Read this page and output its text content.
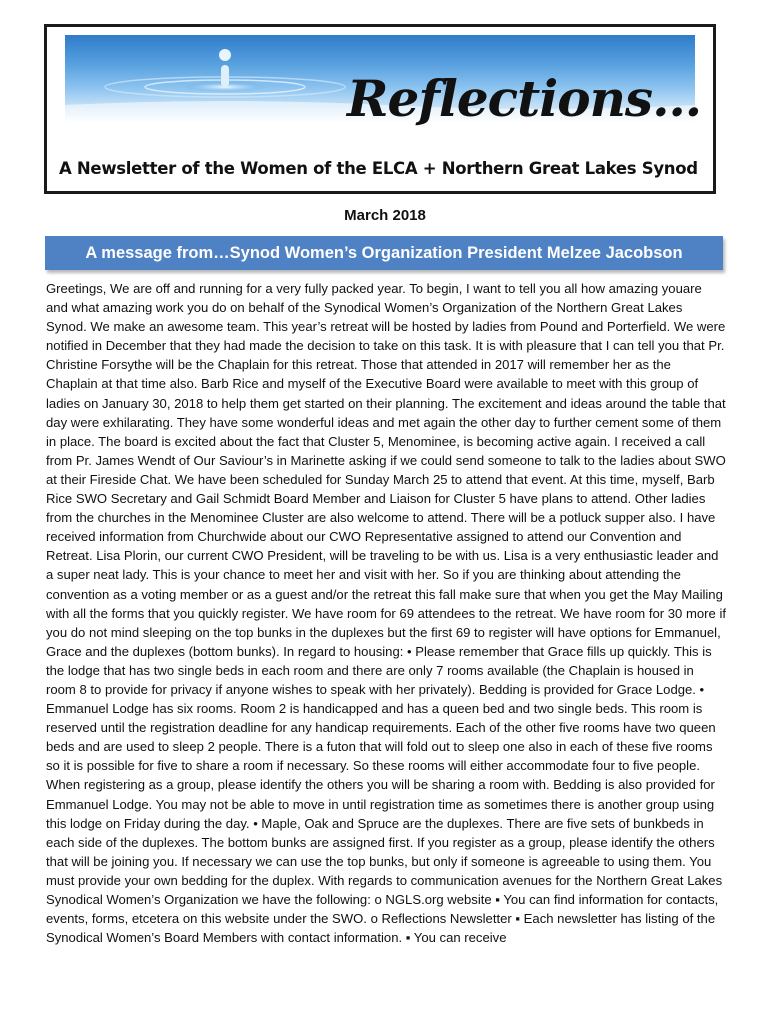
Reflections…
A Newsletter of the Women of the ELCA + Northern Great Lakes Synod
March 2018
A message from…Synod Women’s Organization President Melzee Jacobson

Greetings, We are off and running for a very fully packed year. To begin, I want to tell you all how amazing youare and what amazing work you do on behalf of the Synodical Women’s Organization of the Northern Great Lakes Synod. We make an awesome team. This year’s retreat will be hosted by ladies from Pound and Porterfield. We were notified in December that they had made the decision to take on this task. It is with pleasure that I can tell you that Pr. Christine Forsythe will be the Chaplain for this retreat. Those that attended in 2017 will remember her as the Chaplain at that time also. Barb Rice and myself of the Executive Board were available to meet with this group of ladies on January 30, 2018 to help them get started on their planning. The excitement and ideas around the table that day were exhilarating. They have some wonderful ideas and met again the other day to further cement some of them in place. The board is excited about the fact that Cluster 5, Menominee, is becoming active again. I received a call from Pr. James Wendt of Our Saviour’s in Marinette asking if we could send someone to talk to the ladies about SWO at their Fireside Chat. We have been scheduled for Sunday March 25 to attend that event. At this time, myself, Barb Rice SWO Secretary and Gail Schmidt Board Member and Liaison for Cluster 5 have plans to attend. Other ladies from the churches in the Menominee Cluster are also welcome to attend. There will be a potluck supper also. I have received information from Churchwide about our CWO Representative assigned to attend our Convention and Retreat. Lisa Plorin, our current CWO President, will be traveling to be with us. Lisa is a very enthusiastic leader and a super neat lady. This is your chance to meet her and visit with her. So if you are thinking about attending the convention as a voting member or as a guest and/or the retreat this fall make sure that when you get the May Mailing with all the forms that you quickly register. We have room for 69 attendees to the retreat. We have room for 30 more if you do not mind sleeping on the top bunks in the duplexes but the first 69 to register will have options for Emmanuel, Grace and the duplexes (bottom bunks). In regard to housing: • Please remember that Grace fills up quickly. This is the lodge that has two single beds in each room and there are only 7 rooms available (the Chaplain is housed in room 8 to provide for privacy if anyone wishes to speak with her privately). Bedding is provided for Grace Lodge. • Emmanuel Lodge has six rooms. Room 2 is handicapped and has a queen bed and two single beds. This room is reserved until the registration deadline for any handicap requirements. Each of the other five rooms have two queen beds and are used to sleep 2 people. There is a futon that will fold out to sleep one also in each of these five rooms so it is possible for five to share a room if necessary. So these rooms will either accommodate four to five people. When registering as a group, please identify the others you will be sharing a room with. Bedding is also provided for Emmanuel Lodge. You may not be able to move in until registration time as sometimes there is another group using this lodge on Friday during the day. • Maple, Oak and Spruce are the duplexes. There are five sets of bunkbeds in each side of the duplexes. The bottom bunks are assigned first. If you register as a group, please identify the others that will be joining you. If necessary we can use the top bunks, but only if someone is agreeable to using them. You must provide your own bedding for the duplex. With regards to communication avenues for the Northern Great Lakes Synodical Women’s Organization we have the following: o NGLS.org website ▪ You can find information for contacts, events, forms, etcetera on this website under the SWO. o Reflections Newsletter ▪ Each newsletter has listing of the Synodical Women’s Board Members with contact information. ▪ You can receive
